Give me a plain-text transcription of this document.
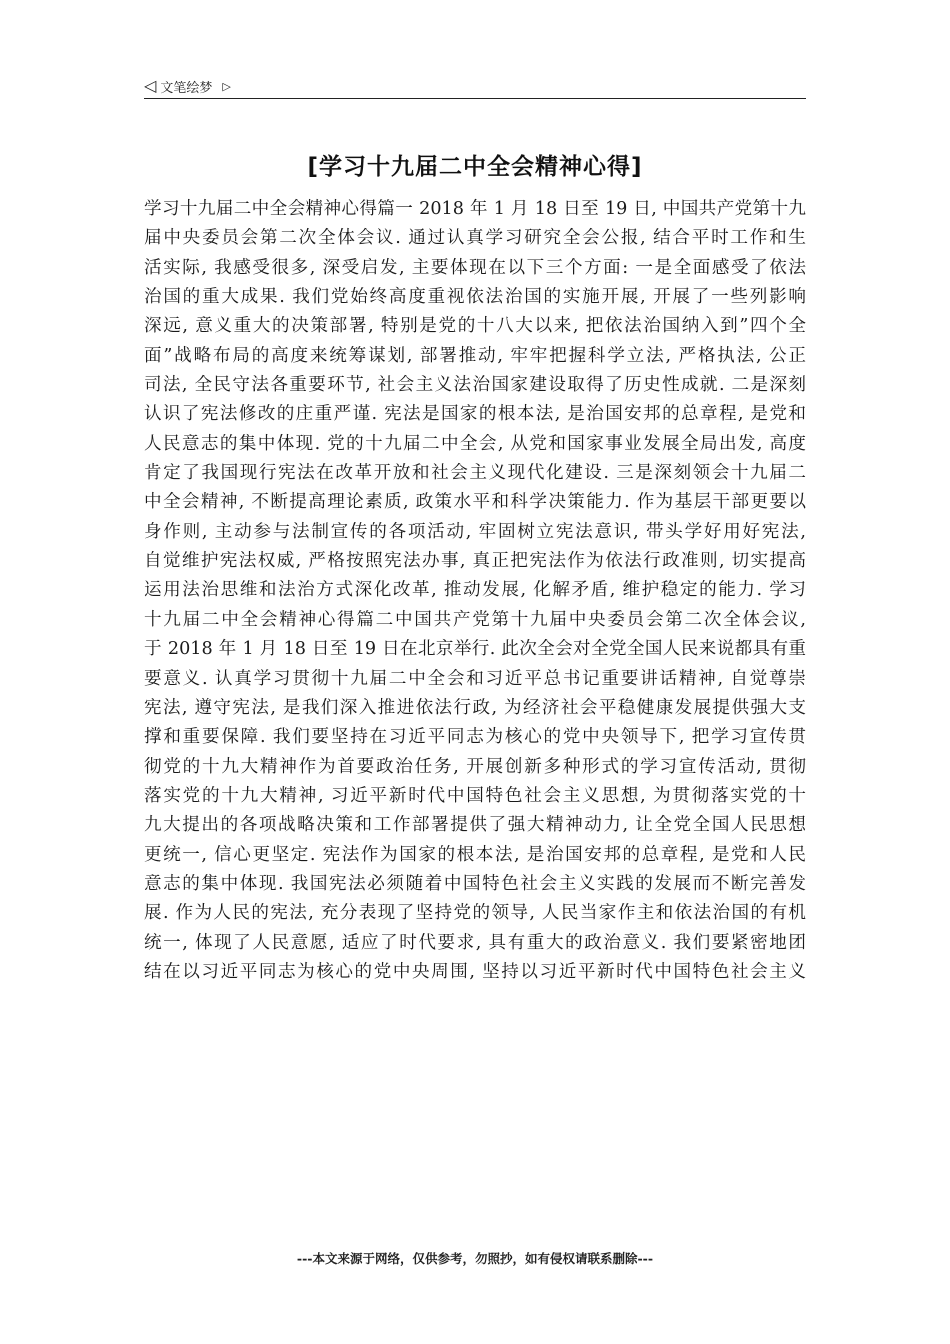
◁ 文笔绘梦 ▷
[学习十九届二中全会精神心得]
学习十九届二中全会精神心得篇一 2018 年 1 月 18 日至 19 日, 中国共产党第十九
届中央委员会第二次全体会议. 通过认真学习研究全会公报, 结合平时工作和生
活实际, 我感受很多, 深受启发, 主要体现在以下三个方面: 一是全面感受了依法
治国的重大成果. 我们党始终高度重视依法治国的实施开展, 开展了一些列影响
深远, 意义重大的决策部署, 特别是党的十八大以来, 把依法治国纳入到”四个全
面”战略布局的高度来统筹谋划, 部署推动, 牢牢把握科学立法, 严格执法, 公正
司法, 全民守法各重要环节, 社会主义法治国家建设取得了历史性成就. 二是深刻
认识了宪法修改的庄重严谨. 宪法是国家的根本法, 是治国安邦的总章程, 是党和
人民意志的集中体现. 党的十九届二中全会, 从党和国家事业发展全局出发, 高度
肯定了我国现行宪法在改革开放和社会主义现代化建设. 三是深刻领会十九届二
中全会精神, 不断提高理论素质, 政策水平和科学决策能力. 作为基层干部更要以
身作则, 主动参与法制宣传的各项活动, 牢固树立宪法意识, 带头学好用好宪法,
自觉维护宪法权威, 严格按照宪法办事, 真正把宪法作为依法行政准则, 切实提高
运用法治思维和法治方式深化改革, 推动发展, 化解矛盾, 维护稳定的能力. 学习
十九届二中全会精神心得篇二中国共产党第十九届中央委员会第二次全体会议,
于 2018 年 1 月 18 日至 19 日在北京举行. 此次全会对全党全国人民来说都具有重
要意义. 认真学习贯彻十九届二中全会和习近平总书记重要讲话精神, 自觉尊崇
宪法, 遵守宪法, 是我们深入推进依法行政, 为经济社会平稳健康发展提供强大支
撑和重要保障. 我们要坚持在习近平同志为核心的党中央领导下, 把学习宣传贯
彻党的十九大精神作为首要政治任务, 开展创新多种形式的学习宣传活动, 贯彻
落实党的十九大精神, 习近平新时代中国特色社会主义思想, 为贯彻落实党的十
九大提出的各项战略决策和工作部署提供了强大精神动力, 让全党全国人民思想
更统一, 信心更坚定. 宪法作为国家的根本法, 是治国安邦的总章程, 是党和人民
意志的集中体现. 我国宪法必须随着中国特色社会主义实践的发展而不断完善发
展. 作为人民的宪法, 充分表现了坚持党的领导, 人民当家作主和依法治国的有机
统一, 体现了人民意愿, 适应了时代要求, 具有重大的政治意义. 我们要紧密地团
结在以习近平同志为核心的党中央周围, 坚持以习近平新时代中国特色社会主义
---本文来源于网络，仅供参考，勿照抄，如有侵权请联系删除---
